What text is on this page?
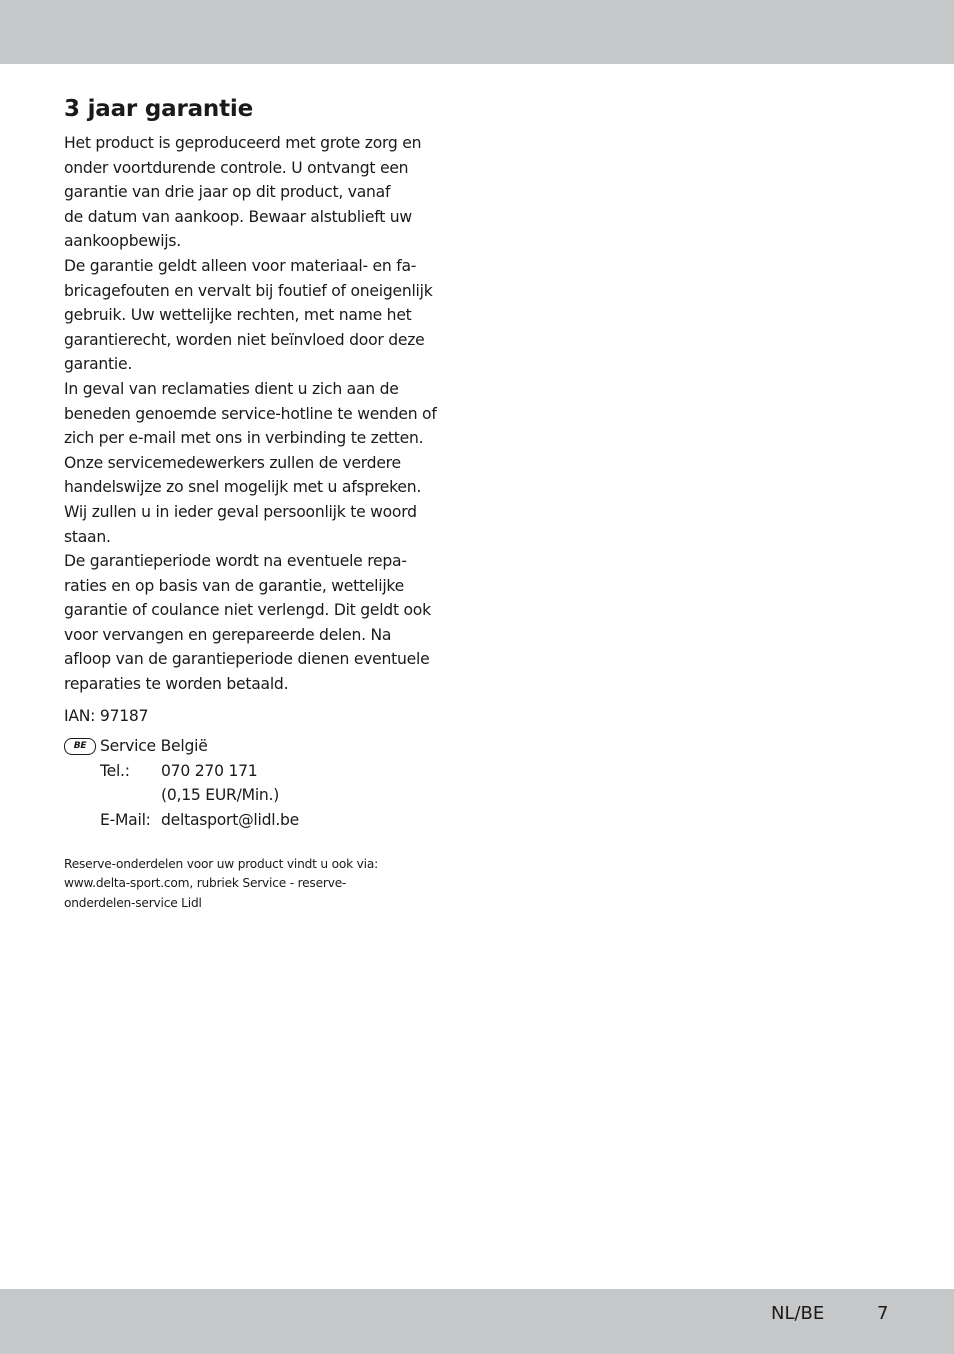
3 jaar garantie

Het product is geproduceerd met grote zorg en
onder voortdurende controle. U ontvangt een
garantie van drie jaar op dit product, vanaf
de datum van aankoop. Bewaar alstublieft uw
aankoopbewijs.

De garantie geldt alleen voor materiaal- en fa-
bricagefouten en vervalt bij foutief of oneigenlijk
gebruik. Uw wettelijke rechten, met name het
garantierecht, worden niet beïnvloed door deze
garantie.

In geval van reclamaties dient u zich aan de
beneden genoemde service-hotline te wenden of
zich per e-mail met ons in verbinding te zetten.
Onze servicemedewerkers zullen de verdere
handelswijze zo snel mogelijk met u afspreken.
Wij zullen u in ieder geval persoonlijk te woord
staan.

De garantieperiode wordt na eventuele repa-
raties en op basis van de garantie, wettelijke
garantie of coulance niet verlengd. Dit geldt ook
voor vervangen en gerepareerde delen. Na
afloop van de garantieperiode dienen eventuele
reparaties te worden betaald.

IAN: 97187
BE Service België
Tel.:	070 270 171
(0,15 EUR/Min.)
E-Mail: deltasport@lidl.be
Reserve-onderdelen voor uw product vindt u ook via:
www.delta-sport.com, rubriek Service - reserve-
onderdelen-service Lidl
NL/BE	7
